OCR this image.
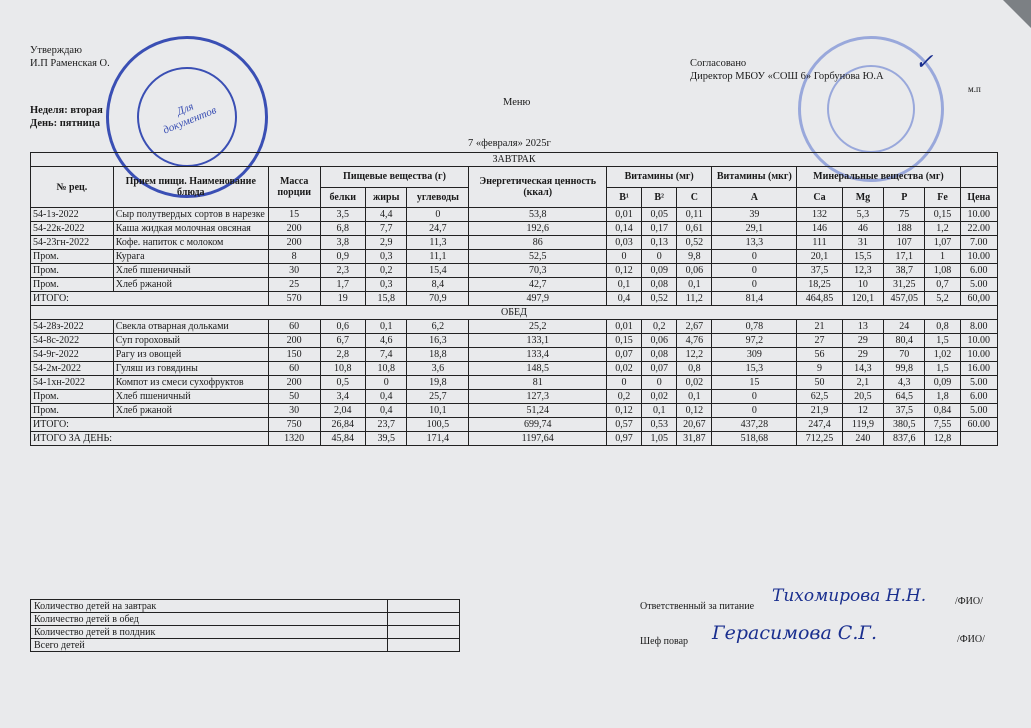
Для документов
Утверждаю
И.П Раменская О.	Согласовано
Директор МБОУ «СОШ 6» Горбунова Ю.А
✓
м.п
Неделя: вторая
День: пятница
Меню
7 «февраля» 2025г
ЗАВТРАК															
№ рец.	Прием пищи. Наименование блюда	Масса порции	Пищевые вещества (г)			Энергетическая ценность (ккал)	Витамины (мг)			Витамины (мкг)	Минеральные вещества (мг)				
			белки	жиры	углеводы		B¹	B²	C	A	Ca	Mg	P	Fe	Цена
54-1з-2022	Сыр полутвердых сортов в нарезке	15	3,5	4,4	0	53,8	0,01	0,05	0,11	39	132	5,3	75	0,15	10.00
54-22к-2022	Каша жидкая молочная овсяная	200	6,8	7,7	24,7	192,6	0,14	0,17	0,61	29,1	146	46	188	1,2	22.00
54-23гн-2022	Кофе. напиток с молоком	200	3,8	2,9	11,3	86	0,03	0,13	0,52	13,3	111	31	107	1,07	7.00
Пром.	Курага	8	0,9	0,3	11,1	52,5	0	0	9,8	0	20,1	15,5	17,1	1	10.00
Пром.	Хлеб пшеничный	30	2,3	0,2	15,4	70,3	0,12	0,09	0,06	0	37,5	12,3	38,7	1,08	6.00
Пром.	Хлеб ржаной	25	1,7	0,3	8,4	42,7	0,1	0,08	0,1	0	18,25	10	31,25	0,7	5.00
ИТОГО:		570	19	15,8	70,9	497,9	0,4	0,52	11,2	81,4	464,85	120,1	457,05	5,2	60,00
ОБЕД															
54-28з-2022	Свекла отварная дольками	60	0,6	0,1	6,2	25,2	0,01	0,2	2,67	0,78	21	13	24	0,8	8.00
54-8с-2022	Суп гороховый	200	6,7	4,6	16,3	133,1	0,15	0,06	4,76	97,2	27	29	80,4	1,5	10.00
54-9г-2022	Рагу из овощей	150	2,8	7,4	18,8	133,4	0,07	0,08	12,2	309	56	29	70	1,02	10.00
54-2м-2022	Гуляш из говядины	60	10,8	10,8	3,6	148,5	0,02	0,07	0,8	15,3	9	14,3	99,8	1,5	16.00
54-1хн-2022	Компот из смеси сухофруктов	200	0,5	0	19,8	81	0	0	0,02	15	50	2,1	4,3	0,09	5.00
Пром.	Хлеб пшеничный	50	3,4	0,4	25,7	127,3	0,2	0,02	0,1	0	62,5	20,5	64,5	1,8	6.00
Пром.	Хлеб ржаной	30	2,04	0,4	10,1	51,24	0,12	0,1	0,12	0	21,9	12	37,5	0,84	5.00
ИТОГО:		750	26,84	23,7	100,5	699,74	0,57	0,53	20,67	437,28	247,4	119,9	380,5	7,55	60.00
ИТОГО ЗА ДЕНЬ:		1320	45,84	39,5	171,4	1197,64	0,97	1,05	31,87	518,68	712,25	240	837,6	12,8	
Количество детей на завтрак	
Количество детей в обед	
Количество детей в полдник	
Всего детей	
Ответственный за питание
Тихомирова Н.Н.	/ФИО/
Шеф повар Герасимова С.Г.	/ФИО/
